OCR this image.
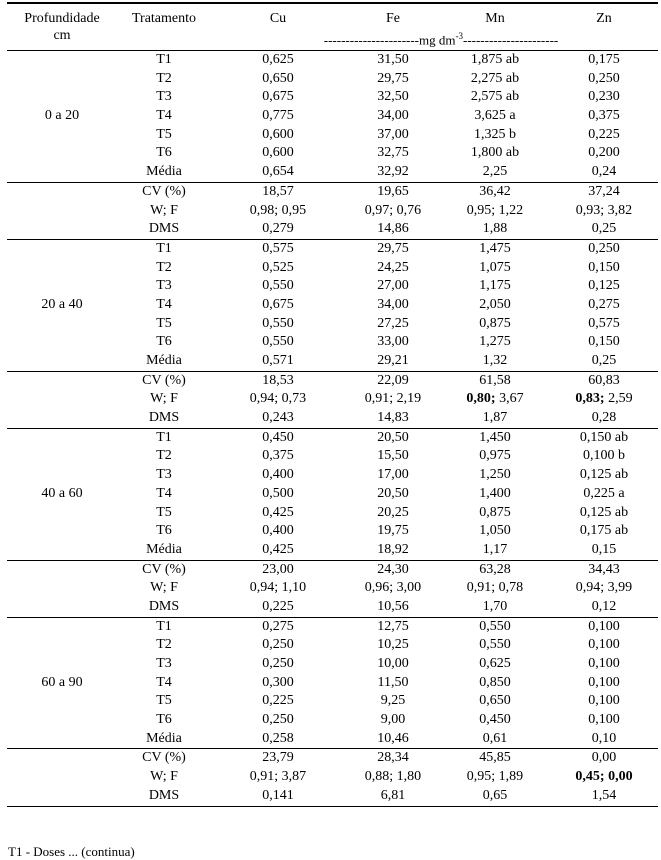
Profundidade
cm
Tratamento	Cu	Fe	Mn	Zn
----------------------mg $dm^{-3}----------------------$
0 a 20
T1	0,625	31,50	1,875 ab	0,175
T2	0,650	29,75	2,275 ab	0,250
T3	0,675	32,50	2,575 ab	0,230
T4	0,775	34,00	3,625 a	0,375
T5	0,600	37,00	1,325 b	0,225
T6	0,600	32,75	1,800 ab	0,200
Média	0,654	32,92	2,25	0,24
CV (%)	18,57	19,65	36,42	37,24
W; F	0,98; 0,95	0,97; 0,76	0,95; 1,22	0,93; 3,82
DMS	0,279	14,86	1,88	0,25
20 a 40
T1	0,575	29,75	1,475	0,250
T2	0,525	24,25	1,075	0,150
T3	0,550	27,00	1,175	0,125
T4	0,675	34,00	2,050	0,275
T5	0,550	27,25	0,875	0,575
T6	0,550	33,00	1,275	0,150
Média	0,571	29,21	1,32	0,25
CV (%)	18,53	22,09	61,58	60,83
W; F	0,94; 0,73	0,91; 2,19	0,80; 3,67	0,83; 2,59
DMS	0,243	14,83	1,87	0,28
40 a 60
T1	0,450	20,50	1,450	0,150 ab
T2	0,375	15,50	0,975	0,100 b
T3	0,400	17,00	1,250	0,125 ab
T4	0,500	20,50	1,400	0,225 a
T5	0,425	20,25	0,875	0,125 ab
T6	0,400	19,75	1,050	0,175 ab
Média	0,425	18,92	1,17	0,15
CV (%)	23,00	24,30	63,28	34,43
W; F	0,94; 1,10	0,96; 3,00	0,91; 0,78	0,94; 3,99
DMS	0,225	10,56	1,70	0,12
60 a 90
T1	0,275	12,75	0,550	0,100
T2	0,250	10,25	0,550	0,100
T3	0,250	10,00	0,625	0,100
T4	0,300	11,50	0,850	0,100
T5	0,225	9,25	0,650	0,100
T6	0,250	9,00	0,450	0,100
Média	0,258	10,46	0,61	0,10
CV (%)	23,79	28,34	45,85	0,00
W; F	0,91; 3,87	0,88; 1,80	0,95; 1,89	0,45; 0,00
DMS	0,141	6,81	0,65	1,54
T1 - Doses ... (continua)
